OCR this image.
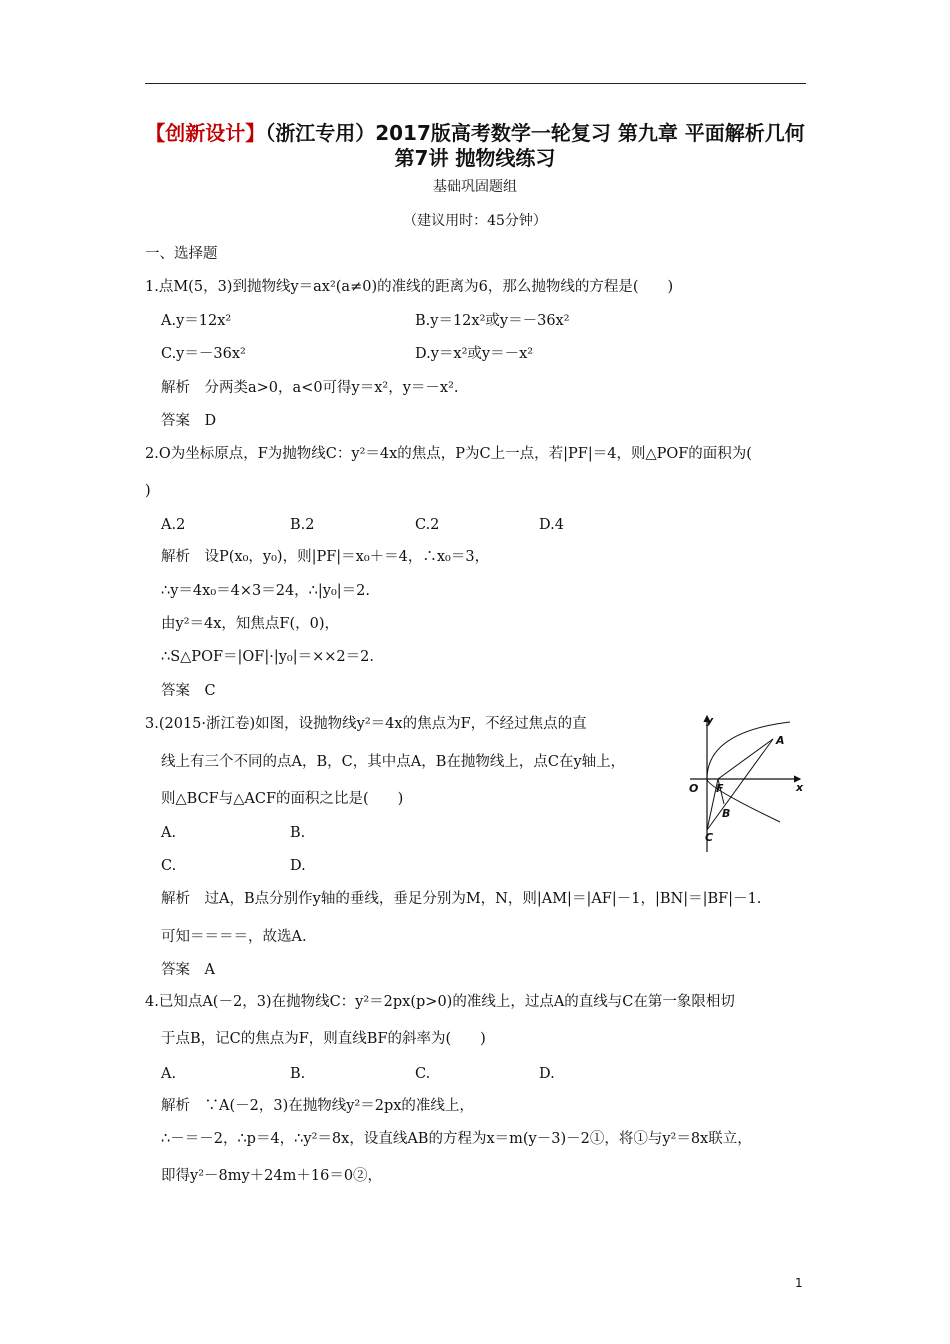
【创新设计】（浙江专用）2017版高考数学一轮复习 第九章 平面解析几何 第7讲 抛物线练习
基础巩固题组
（建议用时：45分钟）
一、选择题
1.点M(5，3)到抛物线y＝ax²(a≠0)的准线的距离为6，那么抛物线的方程是(　　)
A.y＝12x²	B.y＝12x²或y＝－36x²
C.y＝－36x²	D.y＝x²或y＝－x²
解析　分两类a>0，a<0可得y＝x²，y＝－x².
答案　D
2.O为坐标原点，F为抛物线C：y²＝4x的焦点，P为C上一点，若|PF|＝4，则△POF的面积为(
)
A.2	B.2	C.2	D.4
解析　设P(x₀，y₀)，则|PF|＝x₀＋＝4，∴x₀＝3，
∴y＝4x₀＝4×3＝24，∴|y₀|＝2.
由y²＝4x，知焦点F(，0)，
∴S△POF＝|OF|·|y₀|＝××2＝2.
答案　C
3.(2015·浙江卷)如图，设抛物线y²＝4x的焦点为F，不经过焦点的直
线上有三个不同的点A，B，C，其中点A，B在抛物线上，点C在y轴上，
则△BCF与△ACF的面积之比是(　　)
A.	B.
C.	D.
解析　过A，B点分别作y轴的垂线，垂足分别为M，N，则|AM|＝|AF|－1，|BN|＝|BF|－1.
可知＝＝＝＝，故选A.
答案　A
y
x
O F
A
B
C
4.已知点A(－2，3)在抛物线C：y²＝2px(p>0)的准线上，过点A的直线与C在第一象限相切
于点B，记C的焦点为F，则直线BF的斜率为(　　)
A.	B.	C.	D.
解析　∵A(－2，3)在抛物线y²＝2px的准线上，
∴－＝－2，∴p＝4，∴y²＝8x，设直线AB的方程为x＝m(y－3)－2①，将①与y²＝8x联立，
即得y²－8my＋24m＋16＝0②，
1
